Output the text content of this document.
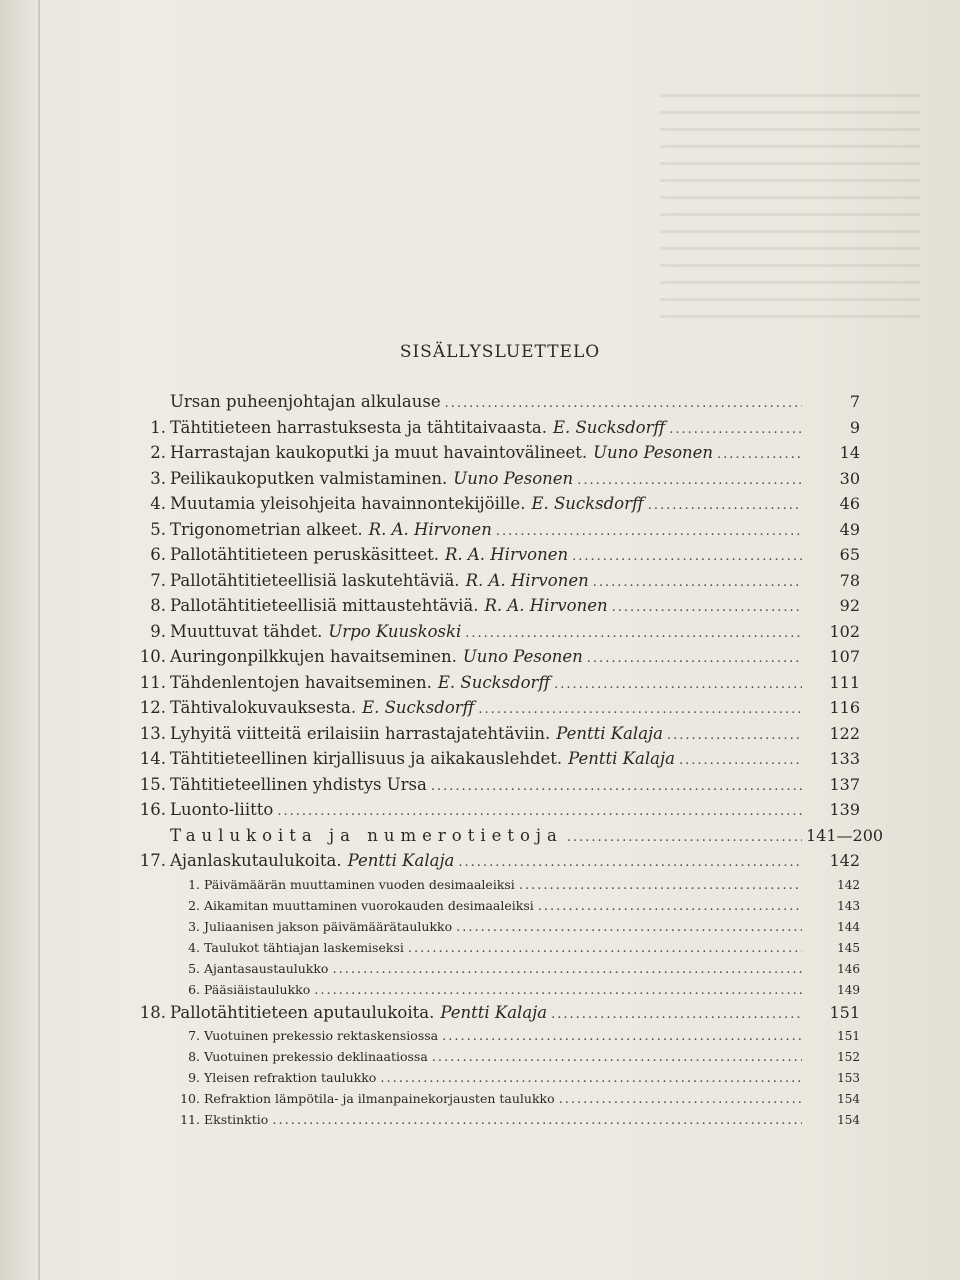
SISÄLLYSLUETTELO
Ursan puheenjohtajan alkulause .....	7
1. Tähtitieteen harrastuksesta ja tähtitaivaasta. E. Sucksdorff .....	9
2. Harrastajan kaukoputki ja muut havaintovälineet. Uuno Pesonen .....	14
3. Peilikaukoputken valmistaminen. Uuno Pesonen .....	30
4. Muutamia yleisohjeita havainnontekijöille. E. Sucksdorff .....	46
5. Trigonometrian alkeet. R. A. Hirvonen .....	49
6. Pallotähtitieteen peruskäsitteet. R. A. Hirvonen .....	65
7. Pallotähtitieteellisiä laskutehtäviä. R. A. Hirvonen .....	78
8. Pallotähtitieteellisiä mittaustehtäviä. R. A. Hirvonen .....	92
9. Muuttuvat tähdet. Urpo Kuuskoski .....	102
10. Auringonpilkkujen havaitseminen. Uuno Pesonen .....	107
11. Tähdenlentojen havaitseminen. E. Sucksdorff .....	111
12. Tähtivalokuvauksesta. E. Sucksdorff .....	116
13. Lyhyitä viitteitä erilaisiin harrastajatehtäviin. Pentti Kalaja .....	122
14. Tähtitieteellinen kirjallisuus ja aikakauslehdet. Pentti Kalaja .....	133
15. Tähtitieteellinen yhdistys Ursa .....	137
16. Luonto-liitto .....	139
Taulukoita ja numerotietoja .....	141—200
17. Ajanlaskutaulukoita. Pentti Kalaja .....	142
1. Päivämäärän muuttaminen vuoden desimaaleiksi .....	142
2. Aikamitan muuttaminen vuorokauden desimaaleiksi .....	143
3. Juliaanisen jakson päivämäärätaulukko .....	144
4. Taulukot tähtiajan laskemiseksi .....	145
5. Ajantasaustaulukko .....	146
6. Pääsiäistaulukko .....	149
18. Pallotähtitieteen aputaulukoita. Pentti Kalaja .....	151
7. Vuotuinen prekessio rektaskensiossa .....	151
8. Vuotuinen prekessio deklinaatiossa .....	152
9. Yleisen refraktion taulukko .....	153
10. Refraktion lämpötila- ja ilmanpainekorjausten taulukko .....	154
11. Ekstinktio .....	154
